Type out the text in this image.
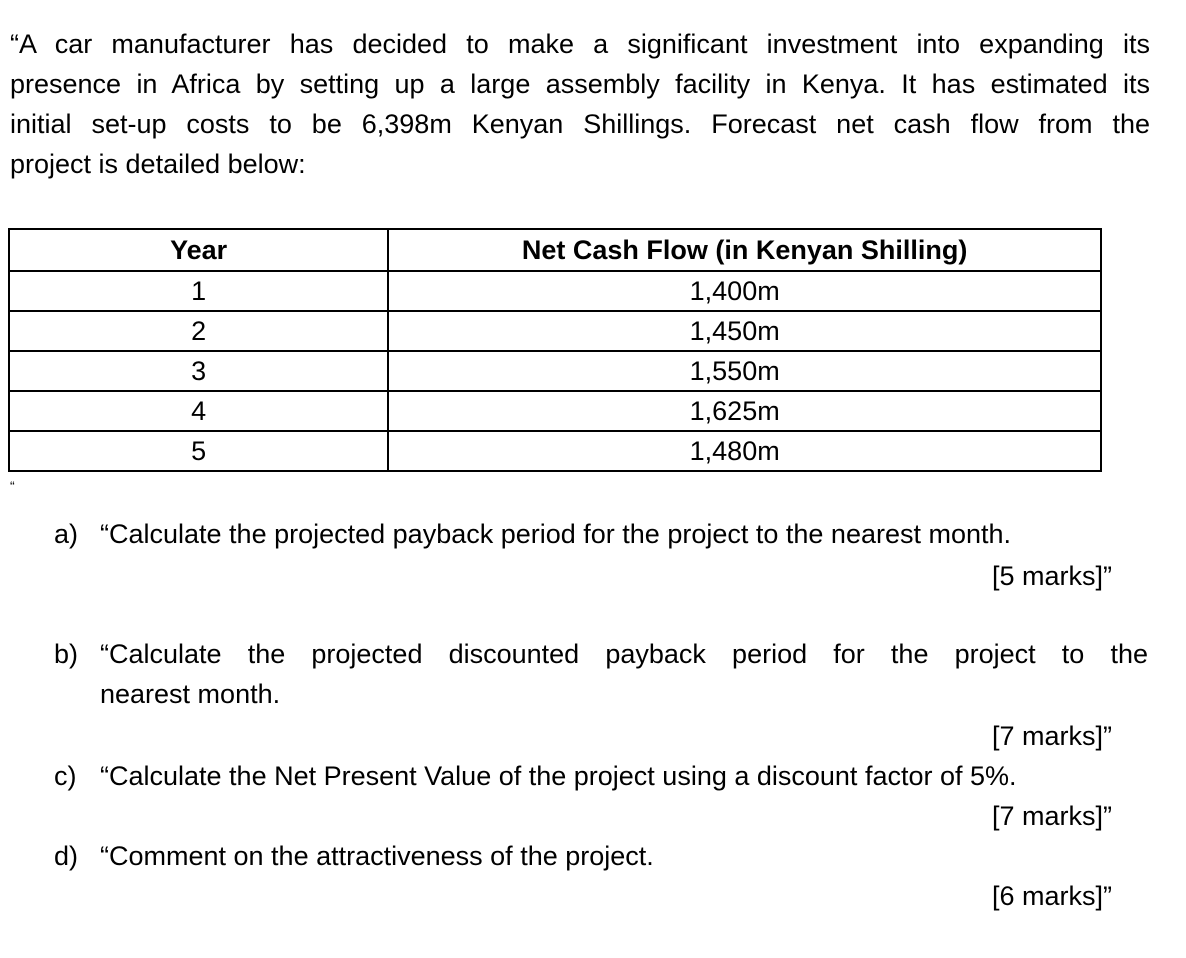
“A car manufacturer has decided to make a significant investment into expanding its
presence in Africa by setting up a large assembly facility in Kenya. It has estimated its
initial set-up costs to be 6,398m Kenyan Shillings. Forecast net cash flow from the
project is detailed below:
Year	Net Cash Flow (in Kenyan Shilling)
1	1,400m
2	1,450m
3	1,550m
4	1,625m
5	1,480m
“
a) “Calculate the projected payback period for the project to the nearest month.
[5 marks]”
b) “Calculate the projected discounted payback period for the project to the
nearest month.
[7 marks]”
c) “Calculate the Net Present Value of the project using a discount factor of 5%.
[7 marks]”
d) “Comment on the attractiveness of the project.
[6 marks]”
